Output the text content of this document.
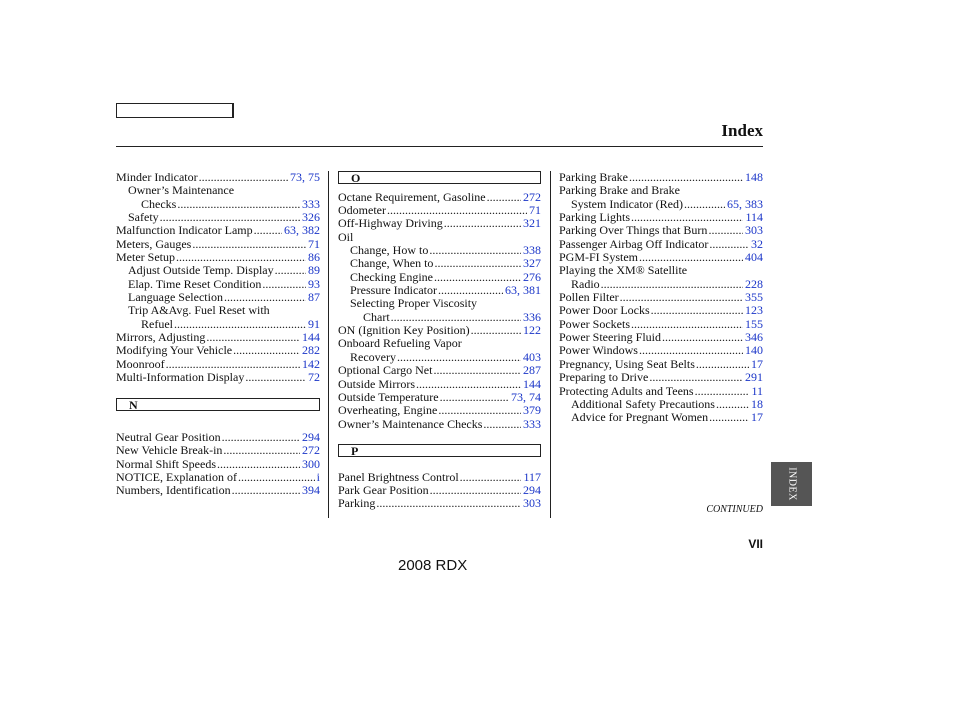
Index
Minder Indicator .....	73, 75
Owner’s Maintenance
Checks .....	333
Safety .....	326
Malfunction Indicator Lamp .....	63, 382
Meters, Gauges .....	71
Meter Setup .....	86
Adjust Outside Temp. Display .....	89
Elap. Time Reset Condition .....	93
Language Selection .....	87
Trip A&Avg. Fuel Reset with
Refuel .....	91
Mirrors, Adjusting .....	144
Modifying Your Vehicle .....	282
Moonroof .....	142
Multi-Information Display .....	72
N
Neutral Gear Position .....	294
New Vehicle Break-in .....	272
Normal Shift Speeds .....	300
NOTICE, Explanation of .....	i
Numbers, Identification .....	394
O
Octane Requirement, Gasoline .....	272
Odometer .....	71
Off-Highway Driving .....	321
Oil
Change, How to .....	338
Change, When to .....	327
Checking Engine .....	276
Pressure Indicator .....	63, 381
Selecting Proper Viscosity
Chart .....	336
ON (Ignition Key Position) .....	122
Onboard Refueling Vapor
Recovery .....	403
Optional Cargo Net .....	287
Outside Mirrors .....	144
Outside Temperature .....	73, 74
Overheating, Engine .....	379
Owner’s Maintenance Checks .....	333
P
Panel Brightness Control .....	117
Park Gear Position .....	294
Parking .....	303
Parking Brake .....	148
Parking Brake and Brake
System Indicator (Red) .....	65, 383
Parking Lights .....	114
Parking Over Things that Burn .....	303
Passenger Airbag Off Indicator .....	32
PGM-FI System .....	404
Playing the XM® Satellite
Radio .....	228
Pollen Filter .....	355
Power Door Locks .....	123
Power Sockets .....	155
Power Steering Fluid .....	346
Power Windows .....	140
Pregnancy, Using Seat Belts .....	17
Preparing to Drive .....	291
Protecting Adults and Teens .....	11
Additional Safety Precautions .....	18
Advice for Pregnant Women .....	17
INDEX
CONTINUED
VII
2008 RDX
